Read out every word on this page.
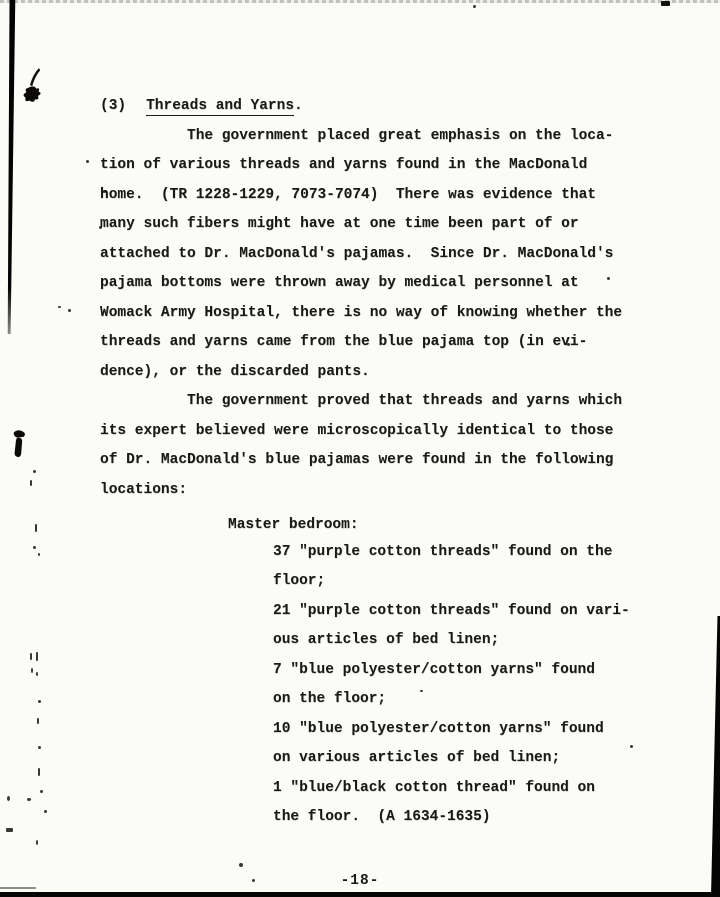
(3) Threads and Yarns.
The government placed great emphasis on the loca-
tion of various threads and yarns found in the MacDonald
home.  (TR 1228-1229, 7073-7074)  There was evidence that
many such fibers might have at one time been part of or
attached to Dr. MacDonald's pajamas.  Since Dr. MacDonald's
pajama bottoms were thrown away by medical personnel at
Womack Army Hospital, there is no way of knowing whether the
threads and yarns came from the blue pajama top (in evi-
dence), or the discarded pants.
The government proved that threads and yarns which
its expert believed were microscopically identical to those
of Dr. MacDonald's blue pajamas were found in the following
locations:
Master bedroom:
37 "purple cotton threads" found on the
floor;
21 "purple cotton threads" found on vari-
ous articles of bed linen;
7 "blue polyester/cotton yarns" found
on the floor;
10 "blue polyester/cotton yarns" found
on various articles of bed linen;
1 "blue/black cotton thread" found on
the floor.  (A 1634-1635)
-18-
